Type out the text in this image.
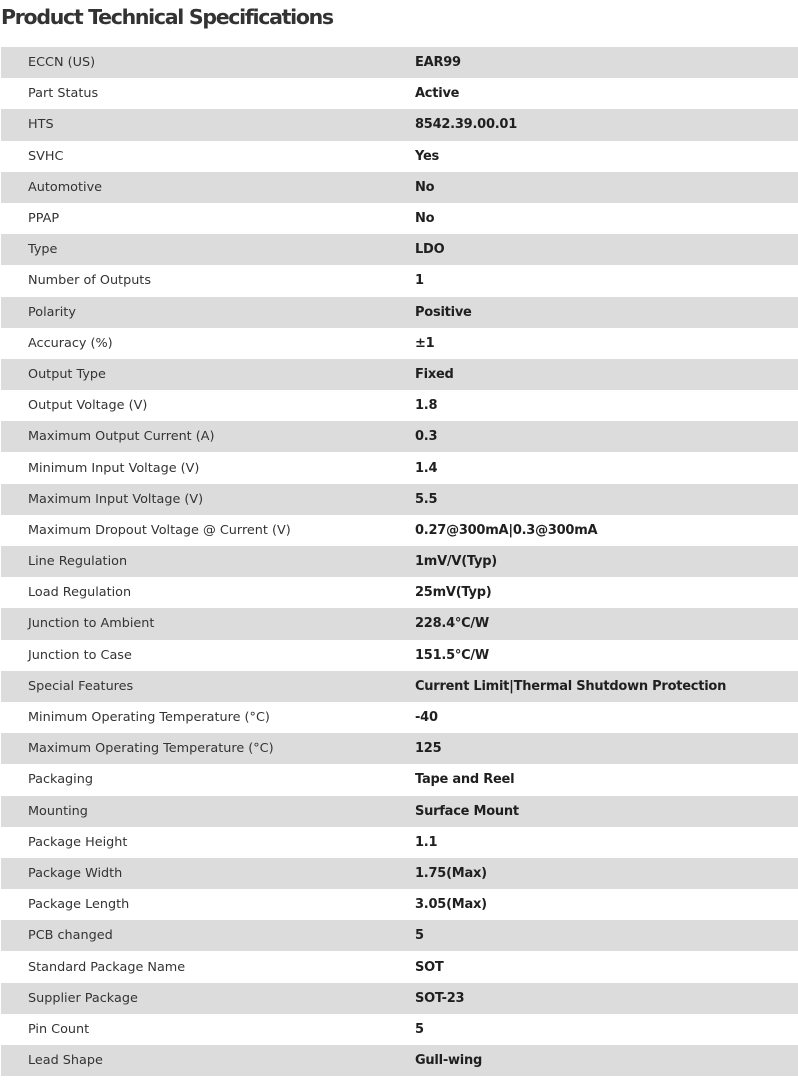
Product Technical Specifications
ECCN (US)	EAR99
Part Status	Active
HTS	8542.39.00.01
SVHC	Yes
Automotive	No
PPAP	No
Type	LDO
Number of Outputs	1
Polarity	Positive
Accuracy (%)	±1
Output Type	Fixed
Output Voltage (V)	1.8
Maximum Output Current (A)	0.3
Minimum Input Voltage (V)	1.4
Maximum Input Voltage (V)	5.5
Maximum Dropout Voltage @ Current (V)	0.27@300mA|0.3@300mA
Line Regulation	1mV/V(Typ)
Load Regulation	25mV(Typ)
Junction to Ambient	228.4°C/W
Junction to Case	151.5°C/W
Special Features	Current Limit|Thermal Shutdown Protection
Minimum Operating Temperature (°C)	-40
Maximum Operating Temperature (°C)	125
Packaging	Tape and Reel
Mounting	Surface Mount
Package Height	1.1
Package Width	1.75(Max)
Package Length	3.05(Max)
PCB changed	5
Standard Package Name	SOT
Supplier Package	SOT-23
Pin Count	5
Lead Shape	Gull-wing
